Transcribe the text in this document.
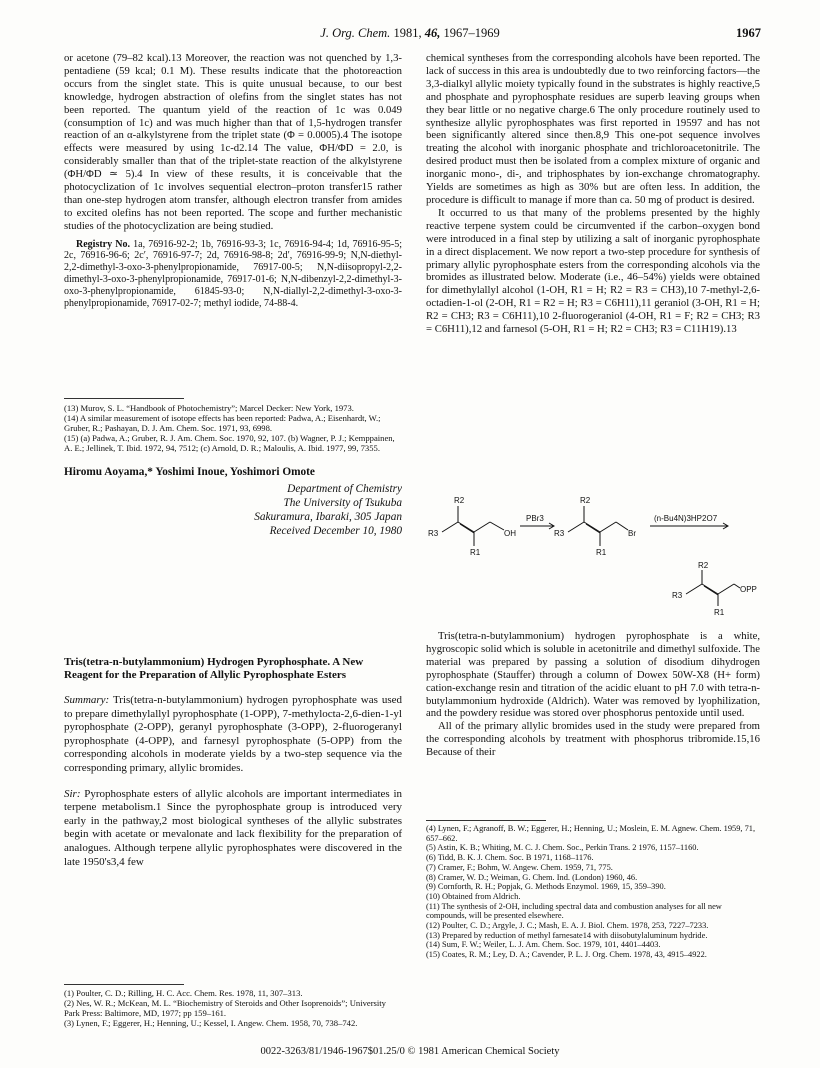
J. Org. Chem. 1981, 46, 1967–1969	1967

or acetone (79–82 kcal).13 Moreover, the reaction was not quenched by 1,3-pentadiene (59 kcal; 0.1 M). These results indicate that the photoreaction occurs from the singlet state. This is quite unusual because, to our best knowledge, hydrogen abstraction of olefins from the singlet states has not been reported. The quantum yield of the reaction of 1c was 0.049 (consumption of 1c) and was much higher than that of 1,5-hydrogen transfer reaction of an α-alkylstyrene from the triplet state (Φ = 0.0005).4 The isotope effects were measured by using 1c-d2.14 The value, ΦH/ΦD = 2.0, is considerably smaller than that of the triplet-state reaction of the alkylstyrene (ΦH/ΦD ≃ 5).4 In view of these results, it is conceivable that the photocyclization of 1c involves sequential electron–proton transfer15 rather than one-step hydrogen atom transfer, although electron transfer from amides to excited olefins has not been reported. The scope and further mechanistic studies of the photocyclization are being studied.

Registry No. 1a, 76916-92-2; 1b, 76916-93-3; 1c, 76916-94-4; 1d, 76916-95-5; 2c, 76916-96-6; 2c′, 76916-97-7; 2d, 76916-98-8; 2d′, 76916-99-9; N,N-diethyl-2,2-dimethyl-3-oxo-3-phenylpropionamide, 76917-00-5; N,N-diisopropyl-2,2-dimethyl-3-oxo-3-phenylpropionamide, 76917-01-6; N,N-dibenzyl-2,2-dimethyl-3-oxo-3-phenylpropionamide, 61845-93-0; N,N-diallyl-2,2-dimethyl-3-oxo-3-phenylpropionamide, 76917-02-7; methyl iodide, 74-88-4.

(13) Murov, S. L. “Handbook of Photochemistry”; Marcel Decker: New York, 1973.

(14) A similar measurement of isotope effects has been reported: Padwa, A.; Eisenhardt, W.; Gruber, R.; Pashayan, D. J. Am. Chem. Soc. 1971, 93, 6998.

(15) (a) Padwa, A.; Gruber, R. J. Am. Chem. Soc. 1970, 92, 107. (b) Wagner, P. J.; Kemppainen, A. E.; Jellinek, T. Ibid. 1972, 94, 7512; (c) Arnold, D. R.; Maloulis, A. Ibid. 1977, 99, 7355.

Hiromu Aoyama,* Yoshimi Inoue, Yoshimori Omote

Department of Chemistry
The University of Tsukuba
Sakuramura, Ibaraki, 305 Japan
Received December 10, 1980

Tris(tetra-n-butylammonium) Hydrogen Pyrophosphate. A New Reagent for the Preparation of Allylic Pyrophosphate Esters

Summary: Tris(tetra-n-butylammonium) hydrogen pyrophosphate was used to prepare dimethylallyl pyrophosphate (1-OPP), 7-methylocta-2,6-dien-1-yl pyrophosphate (2-OPP), geranyl pyrophosphate (3-OPP), 2-fluorogeranyl pyrophosphate (4-OPP), and farnesyl pyrophosphate (5-OPP) from the corresponding alcohols in moderate yields by a two-step sequence via the corresponding primary, allylic bromides.

Sir: Pyrophosphate esters of allylic alcohols are important intermediates in terpene metabolism.1 Since the pyrophosphate group is introduced very early in the pathway,2 most biological syntheses of the allylic substrates begin with acetate or mevalonate and lack flexibility for the preparation of analogues. Although terpene allylic pyrophosphates were discovered in the late 1950's3,4 few

(1) Poulter, C. D.; Rilling, H. C. Acc. Chem. Res. 1978, 11, 307–313.

(2) Nes, W. R.; McKean, M. L. “Biochemistry of Steroids and Other Isoprenoids”; University Park Press: Baltimore, MD, 1977; pp 159–161.

(3) Lynen, F.; Eggerer, H.; Henning, U.; Kessel, I. Angew. Chem. 1958, 70, 738–742.

chemical syntheses from the corresponding alcohols have been reported. The lack of success in this area is undoubtedly due to two reinforcing factors—the 3,3-dialkyl allylic moiety typically found in the substrates is highly reactive,5 and phosphate and pyrophosphate residues are superb leaving groups when they bear little or no negative charge.6 The only procedure routinely used to synthesize allylic pyrophosphates was first reported in 19597 and has not been significantly altered since then.8,9 This one-pot sequence involves treating the alcohol with inorganic phosphate and trichloroacetonitrile. The desired product must then be isolated from a complex mixture of organic and inorganic mono-, di-, and triphosphates by ion-exchange chromatography. Yields are sometimes as high as 30% but are often less. In addition, the procedure is difficult to manage if more than ca. 50 mg of product is desired.

It occurred to us that many of the problems presented by the highly reactive terpene system could be circumvented if the carbon–oxygen bond were introduced in a final step by utilizing a salt of inorganic pyrophosphate in a direct displacement. We now report a two-step procedure for synthesis of primary allylic pyrophosphate esters from the corresponding alcohols via the bromides as illustrated below. Moderate (i.e., 46–54%) yields were obtained for dimethylallyl alcohol (1-OH, R1 = H; R2 = R3 = CH3),10 7-methyl-2,6-octadien-1-ol (2-OH, R1 = R2 = H; R3 = C6H11),11 geraniol (3-OH, R1 = H; R2 = CH3; R3 = C6H11),10 2-fluorogeraniol (4-OH, R1 = F; R2 = CH3; R3 = C6H11),12 and farnesol (5-OH, R1 = H; R2 = CH3; R3 = C11H19).13

R2
R3
R1
OH
PBr3
R2
R3
R1
Br
(n-Bu4N)3HP2O7
R2
R3
R1
OPP

Tris(tetra-n-butylammonium) hydrogen pyrophosphate is a white, hygroscopic solid which is soluble in acetonitrile and dimethyl sulfoxide. The material was prepared by passing a solution of disodium dihydrogen pyrophosphate (Stauffer) through a column of Dowex 50W-X8 (H+ form) cation-exchange resin and titration of the acidic eluant to pH 7.0 with tetra-n-butylammonium hydroxide (Aldrich). Water was removed by lyophilization, and the powdery residue was stored over phosphorus pentoxide until used.

All of the primary allylic bromides used in the study were prepared from the corresponding alcohols by treatment with phosphorus tribromide.15,16 Because of their

(4) Lynen, F.; Agranoff, B. W.; Eggerer, H.; Henning, U.; Moslein, E. M. Agnew. Chem. 1959, 71, 657–662.

(5) Astin, K. B.; Whiting, M. C. J. Chem. Soc., Perkin Trans. 2 1976, 1157–1160.

(6) Tidd, B. K. J. Chem. Soc. B 1971, 1168–1176.

(7) Cramer, F.; Bohm, W. Angew. Chem. 1959, 71, 775.

(8) Cramer, W. D.; Weiman, G. Chem. Ind. (London) 1960, 46.

(9) Cornforth, R. H.; Popjak, G. Methods Enzymol. 1969, 15, 359–390.

(10) Obtained from Aldrich.

(11) The synthesis of 2-OH, including spectral data and combustion analyses for all new compounds, will be presented elsewhere.

(12) Poulter, C. D.; Argyle, J. C.; Mash, E. A. J. Biol. Chem. 1978, 253, 7227–7233.

(13) Prepared by reduction of methyl farnesate14 with diisobutylaluminum hydride.

(14) Sum, F. W.; Weiler, L. J. Am. Chem. Soc. 1979, 101, 4401–4403.

(15) Coates, R. M.; Ley, D. A.; Cavender, P. L. J. Org. Chem. 1978, 43, 4915–4922.

0022-3263/81/1946-1967$01.25/0 © 1981 American Chemical Society
